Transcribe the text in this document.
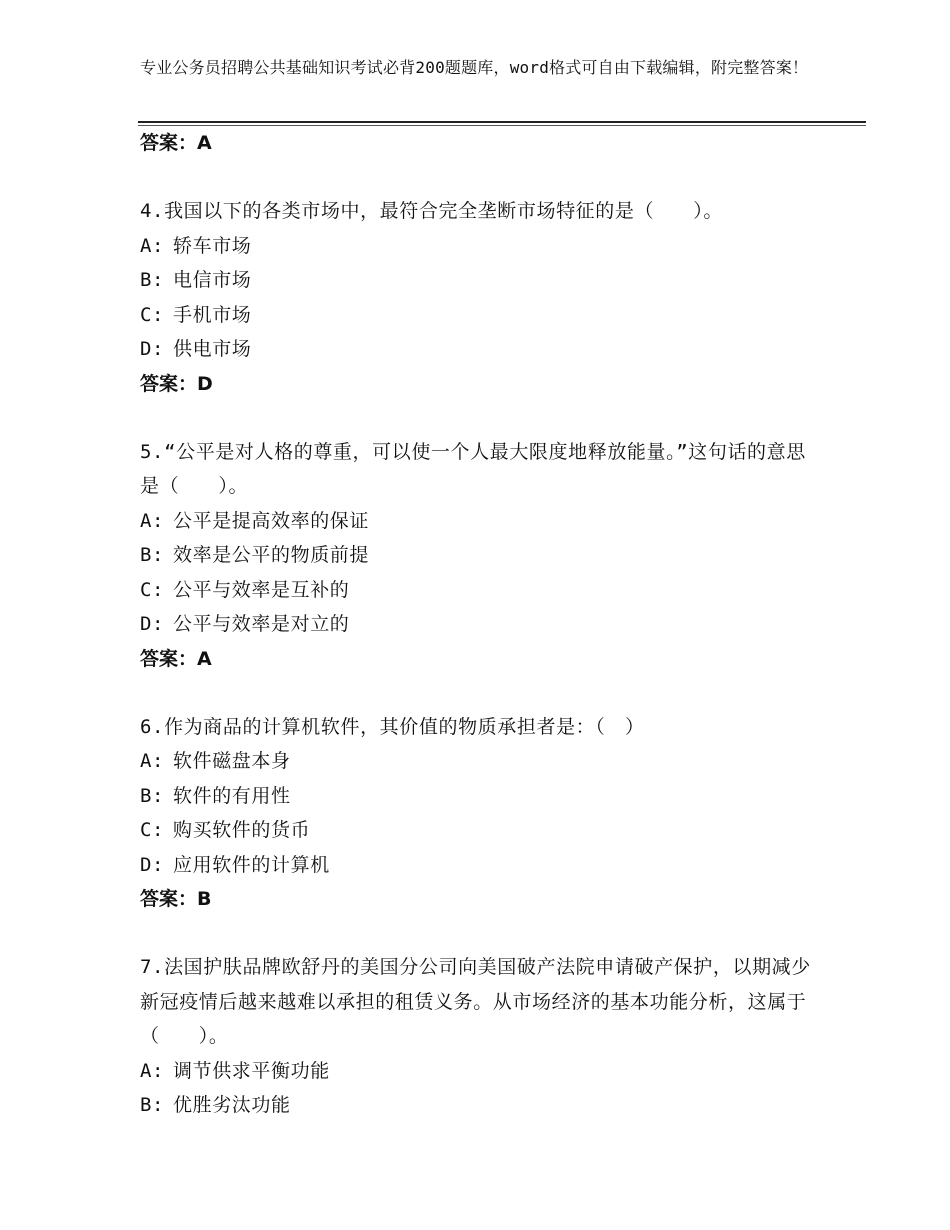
专业公务员招聘公共基础知识考试必背200题题库，word格式可自由下载编辑，附完整答案！
答案：A
4.我国以下的各类市场中，最符合完全垄断市场特征的是（　　）。
A: 轿车市场
B: 电信市场
C: 手机市场
D: 供电市场
答案：D
5.“公平是对人格的尊重，可以使一个人最大限度地释放能量。”这句话的意思是（　　）。
A: 公平是提高效率的保证
B: 效率是公平的物质前提
C: 公平与效率是互补的
D: 公平与效率是对立的
答案：A
6.作为商品的计算机软件，其价值的物质承担者是：（　）
A: 软件磁盘本身
B: 软件的有用性
C: 购买软件的货币
D: 应用软件的计算机
答案：B
7.法国护肤品牌欧舒丹的美国分公司向美国破产法院申请破产保护，以期减少新冠疫情后越来越难以承担的租赁义务。从市场经济的基本功能分析，这属于（　　）。
A: 调节供求平衡功能
B: 优胜劣汰功能
